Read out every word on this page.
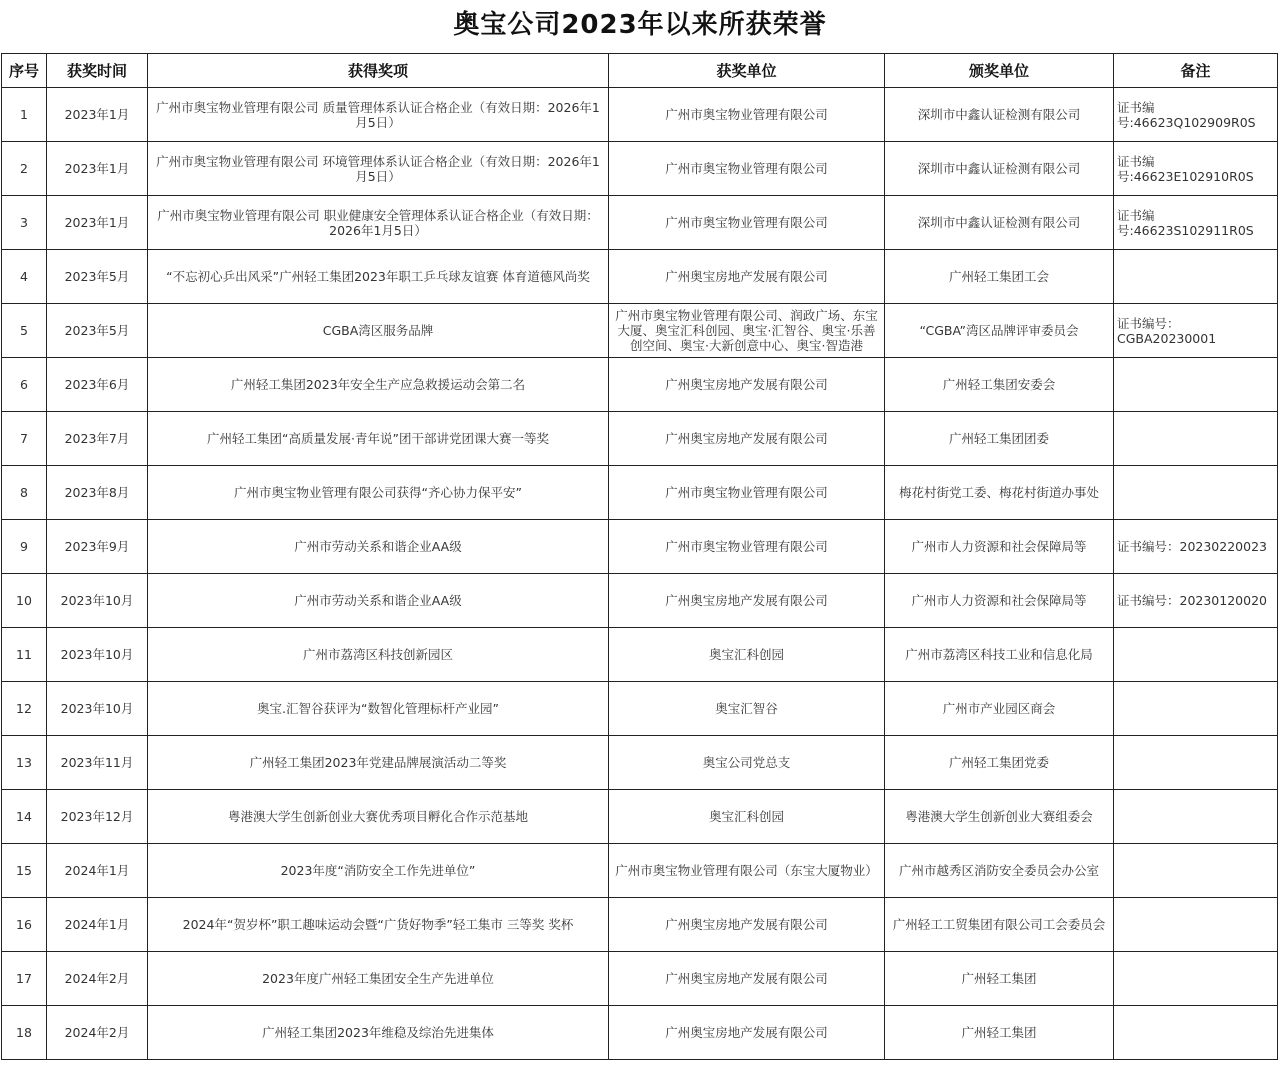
奥宝公司2023年以来所获荣誉
序号	获奖时间	获得奖项	获奖单位	颁奖单位	备注
1	2023年1月	广州市奥宝物业管理有限公司 质量管理体系认证合格企业（有效日期：2026年1月5日）	广州市奥宝物业管理有限公司	深圳市中鑫认证检测有限公司	证书编号:46623Q102909R0S
2	2023年1月	广州市奥宝物业管理有限公司 环境管理体系认证合格企业（有效日期：2026年1月5日）	广州市奥宝物业管理有限公司	深圳市中鑫认证检测有限公司	证书编号:46623E102910R0S
3	2023年1月	广州市奥宝物业管理有限公司 职业健康安全管理体系认证合格企业（有效日期：2026年1月5日）	广州市奥宝物业管理有限公司	深圳市中鑫认证检测有限公司	证书编号:46623S102911R0S
4	2023年5月	“不忘初心乒出风采”广州轻工集团2023年职工乒乓球友谊赛 体育道德风尚奖	广州奥宝房地产发展有限公司	广州轻工集团工会	
5	2023年5月	CGBA湾区服务品牌	广州市奥宝物业管理有限公司、润政广场、东宝大厦、奥宝汇科创园、奥宝·汇智谷、奥宝·乐善创空间、奥宝·大新创意中心、奥宝·智造港	“CGBA”湾区品牌评审委员会	证书编号：CGBA20230001
6	2023年6月	广州轻工集团2023年安全生产应急救援运动会第二名	广州奥宝房地产发展有限公司	广州轻工集团安委会	
7	2023年7月	广州轻工集团“高质量发展·青年说”团干部讲党团课大赛一等奖	广州奥宝房地产发展有限公司	广州轻工集团团委	
8	2023年8月	广州市奥宝物业管理有限公司获得“齐心协力保平安”	广州市奥宝物业管理有限公司	梅花村街党工委、梅花村街道办事处	
9	2023年9月	广州市劳动关系和谐企业AA级	广州市奥宝物业管理有限公司	广州市人力资源和社会保障局等	证书编号：20230220023
10	2023年10月	广州市劳动关系和谐企业AA级	广州奥宝房地产发展有限公司	广州市人力资源和社会保障局等	证书编号：20230120020
11	2023年10月	广州市荔湾区科技创新园区	奥宝汇科创园	广州市荔湾区科技工业和信息化局	
12	2023年10月	奥宝.汇智谷获评为“数智化管理标杆产业园”	奥宝汇智谷	广州市产业园区商会	
13	2023年11月	广州轻工集团2023年党建品牌展演活动二等奖	奥宝公司党总支	广州轻工集团党委	
14	2023年12月	粤港澳大学生创新创业大赛优秀项目孵化合作示范基地	奥宝汇科创园	粤港澳大学生创新创业大赛组委会	
15	2024年1月	2023年度“消防安全工作先进单位”	广州市奥宝物业管理有限公司（东宝大厦物业）	广州市越秀区消防安全委员会办公室	
16	2024年1月	2024年“贺岁杯”职工趣味运动会暨“广货好物季”轻工集市 三等奖 奖杯	广州奥宝房地产发展有限公司	广州轻工工贸集团有限公司工会委员会	
17	2024年2月	2023年度广州轻工集团安全生产先进单位	广州奥宝房地产发展有限公司	广州轻工集团	
18	2024年2月	广州轻工集团2023年维稳及综治先进集体	广州奥宝房地产发展有限公司	广州轻工集团	
